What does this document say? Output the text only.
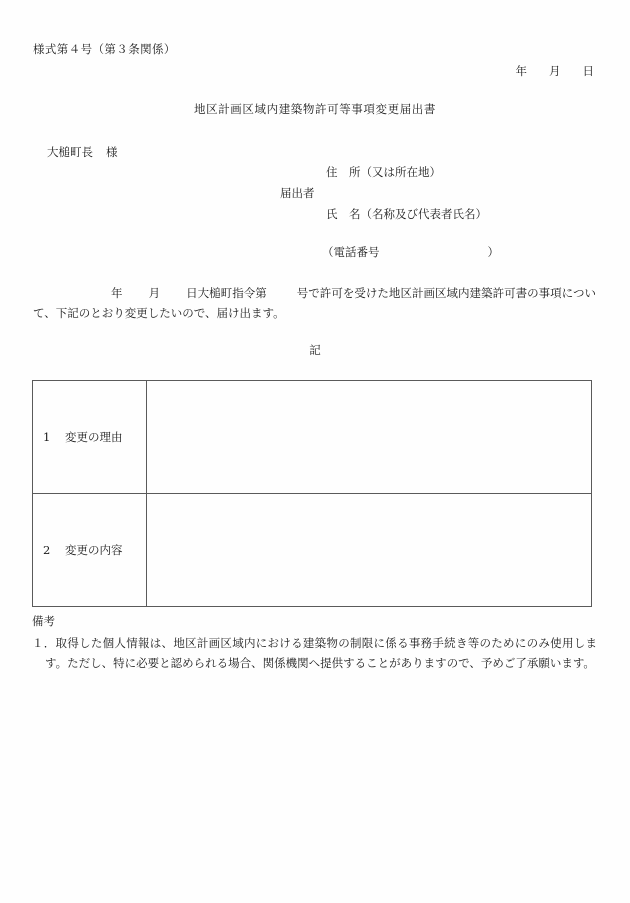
様式第４号（第３条関係）
年 月 日
地区計画区域内建築物許可等事項変更届出書
大槌町長 様
住　所（又は所在地）
届出者
氏　名（名称及び代表者氏名）
（電話番号	）
年 月 日大槌町指令第	号で許可を受けた地区計画区域内建築許可書の事項について、下記のとおり変更したいので、届け出ます。
記
1 変更の理由	
2 変更の内容	
備考
１．取得した個人情報は、地区計画区域内における建築物の制限に係る事務手続き等のためにのみ使用します。ただし、特に必要と認められる場合、関係機関へ提供することがありますので、予めご了承願います。
